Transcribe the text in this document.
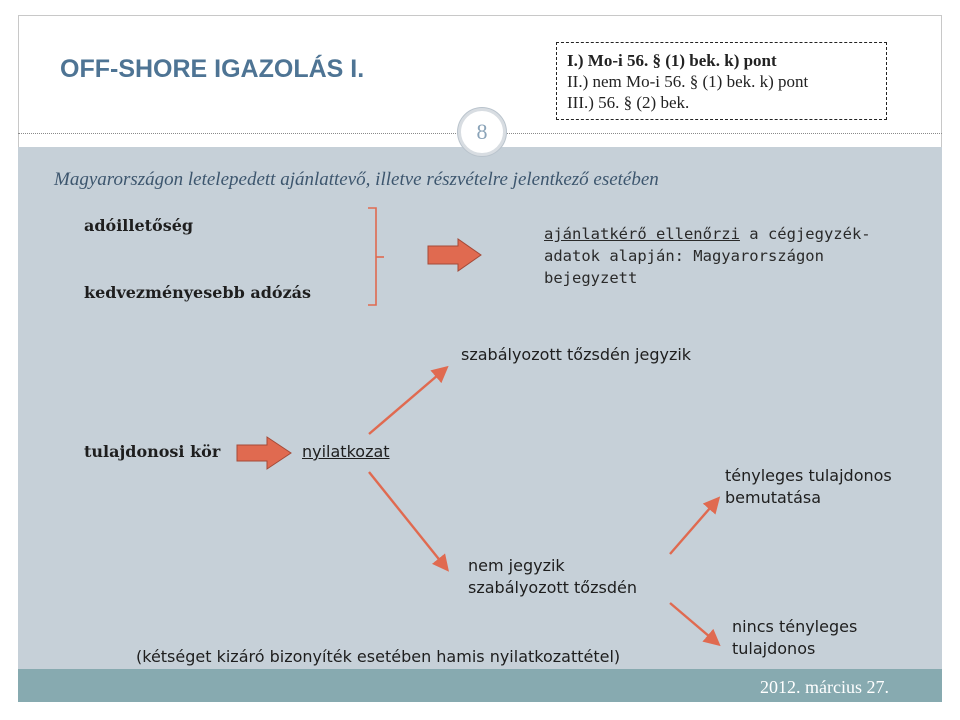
OFF-SHORE IGAZOLÁS I.	I.) Mo-i 56. § (1) bek. k) pont
II.) nem Mo-i 56. § (1) bek. k) pont
III.) 56. § (2) bek.
8
Magyarországon letelepedett ajánlattevő, illetve részvételre jelentkező esetében
adóilletőség
kedvezményesebb adózás
ajánlatkérő ellenőrzi a cégjegyzék-
adatok alapján: Magyarországon
bejegyzett
szabályozott tőzsdén jegyzik
tulajdonosi kör	nyilatkozat
tényleges tulajdonos
bemutatása
nem jegyzik
szabályozott tőzsdén
nincs tényleges
tulajdonos
(kétséget kizáró bizonyíték esetében hamis nyilatkozattétel)
2012. március 27.
